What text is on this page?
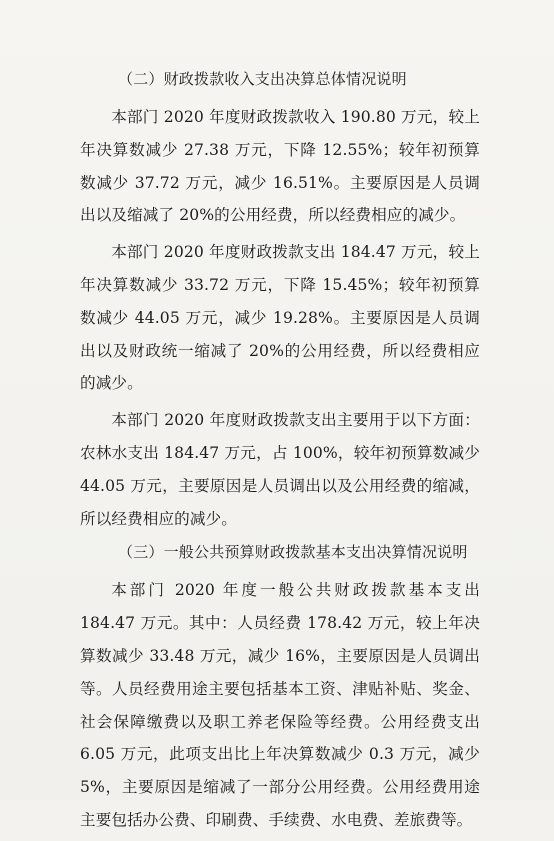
（二）财政拨款收入支出决算总体情况说明

本部门 2020 年度财政拨款收入 190.80 万元，较上年决算数减少 27.38 万元，下降 12.55%；较年初预算数减少 37.72 万元，减少 16.51%。主要原因是人员调出以及缩减了 20%的公用经费，所以经费相应的减少。

本部门 2020 年度财政拨款支出 184.47 万元，较上年决算数减少 33.72 万元，下降 15.45%；较年初预算数减少 44.05 万元，减少 19.28%。主要原因是人员调出以及财政统一缩减了 20%的公用经费，所以经费相应的减少。

本部门 2020 年度财政拨款支出主要用于以下方面：农林水支出 184.47 万元，占 100%，较年初预算数减少 44.05 万元，主要原因是人员调出以及公用经费的缩减，所以经费相应的减少。

（三）一般公共预算财政拨款基本支出决算情况说明

本部门 2020 年度一般公共财政拨款基本支出 184.47 万元。其中：人员经费 178.42 万元，较上年决算数减少 33.48 万元，减少 16%，主要原因是人员调出等。人员经费用途主要包括基本工资、津贴补贴、奖金、社会保障缴费以及职工养老保险等经费。公用经费支出 6.05 万元，此项支出比上年决算数减少 0.3 万元，减少 5%，主要原因是缩减了一部分公用经费。公用经费用途主要包括办公费、印刷费、手续费、水电费、差旅费等。
